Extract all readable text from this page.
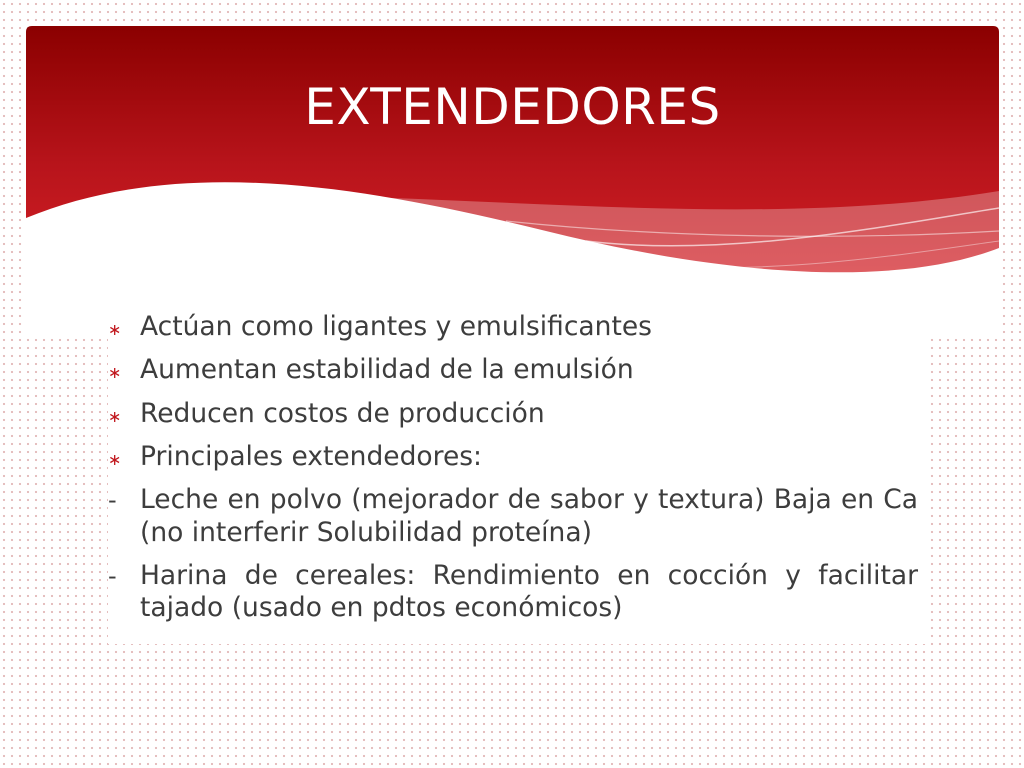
EXTENDEDORES
∗ Actúan como ligantes y emulsificantes
∗ Aumentan estabilidad de la emulsión
∗ Reducen costos de producción
∗ Principales extendedores:
- Leche en polvo (mejorador de sabor y textura) Baja en Ca (no interferir Solubilidad proteína)
- Harina de cereales: Rendimiento en cocción y facilitar tajado (usado en pdtos económicos)
